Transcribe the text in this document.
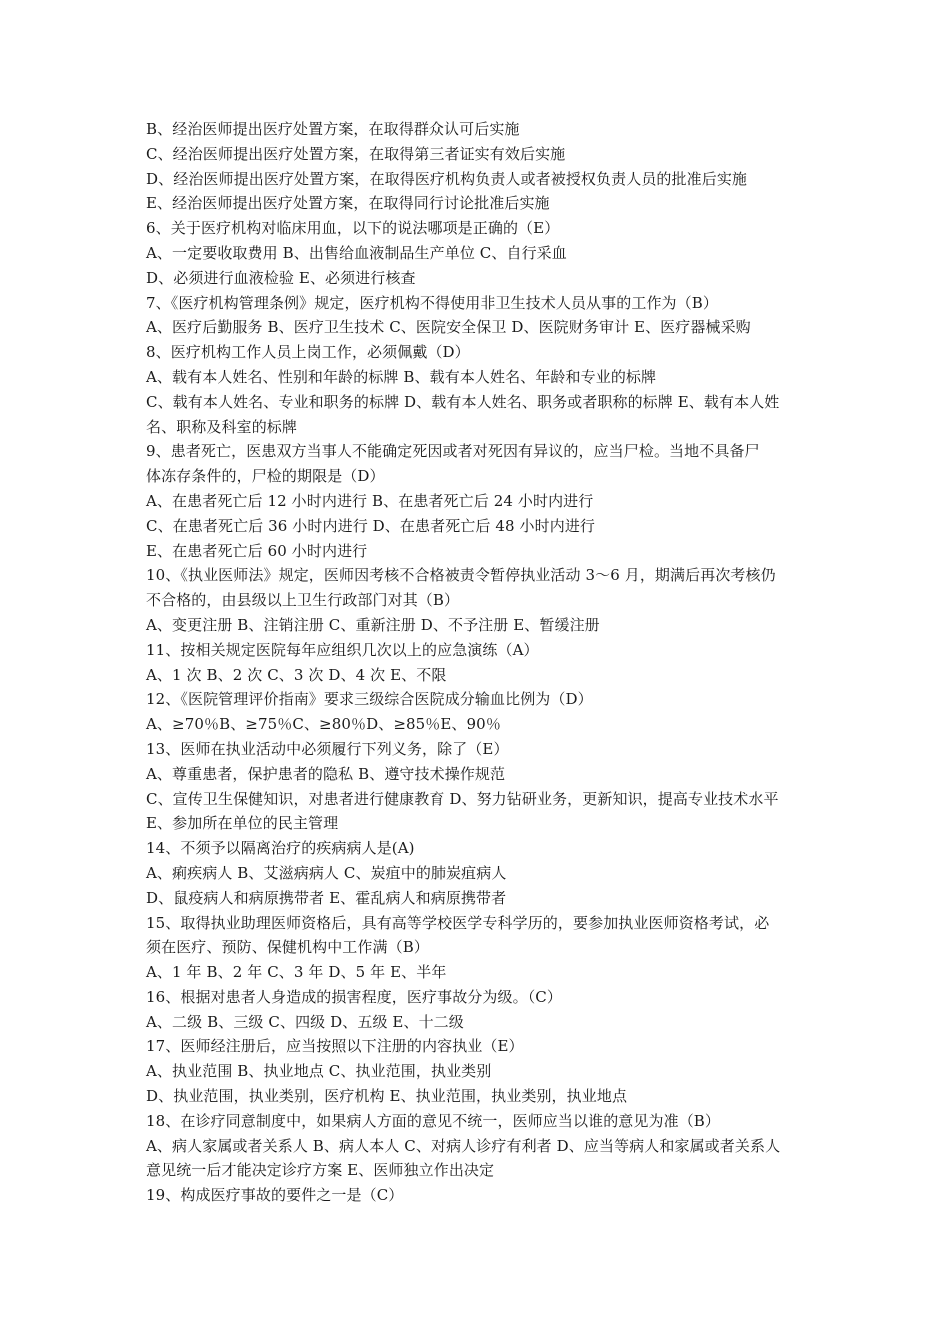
B、经治医师提出医疗处置方案，在取得群众认可后实施
C、经治医师提出医疗处置方案，在取得第三者证实有效后实施
D、经治医师提出医疗处置方案，在取得医疗机构负责人或者被授权负责人员的批准后实施
E、经治医师提出医疗处置方案，在取得同行讨论批准后实施
6、关于医疗机构对临床用血，以下的说法哪项是正确的（E）
A、一定要收取费用 B、出售给血液制品生产单位 C、自行采血
D、必须进行血液检验 E、必须进行核查
7、《医疗机构管理条例》规定，医疗机构不得使用非卫生技术人员从事的工作为（B）
A、医疗后勤服务 B、医疗卫生技术 C、医院安全保卫 D、医院财务审计 E、医疗器械采购
8、医疗机构工作人员上岗工作，必须佩戴（D）
A、载有本人姓名、性别和年龄的标牌 B、载有本人姓名、年龄和专业的标牌
C、载有本人姓名、专业和职务的标牌 D、载有本人姓名、职务或者职称的标牌 E、载有本人姓
名、职称及科室的标牌
9、患者死亡，医患双方当事人不能确定死因或者对死因有异议的，应当尸检。当地不具备尸
体冻存条件的，尸检的期限是（D）
A、在患者死亡后 12 小时内进行 B、在患者死亡后 24 小时内进行
C、在患者死亡后 36 小时内进行 D、在患者死亡后 48 小时内进行
E、在患者死亡后 60 小时内进行
10、《执业医师法》规定，医师因考核不合格被责令暂停执业活动 3～6 月，期满后再次考核仍
不合格的，由县级以上卫生行政部门对其（B）
A、变更注册 B、注销注册 C、重新注册 D、不予注册 E、暂缓注册
11、按相关规定医院每年应组织几次以上的应急演练（A）
A、1 次 B、2 次 C、3 次 D、4 次 E、不限
12、《医院管理评价指南》要求三级综合医院成分输血比例为（D）
A、≥70％B、≥75％C、≥80％D、≥85％E、90％
13、医师在执业活动中必须履行下列义务，除了（E）
A、尊重患者，保护患者的隐私 B、遵守技术操作规范
C、宣传卫生保健知识，对患者进行健康教育 D、努力钻研业务，更新知识，提高专业技术水平
E、参加所在单位的民主管理
14、不须予以隔离治疗的疾病病人是(A)
A、痢疾病人 B、艾滋病病人 C、炭疽中的肺炭疽病人
D、鼠疫病人和病原携带者 E、霍乱病人和病原携带者
15、取得执业助理医师资格后，具有高等学校医学专科学历的，要参加执业医师资格考试，必
须在医疗、预防、保健机构中工作满（B）
A、1 年 B、2 年 C、3 年 D、5 年 E、半年
16、根据对患者人身造成的损害程度，医疗事故分为级。（C）
A、二级 B、三级 C、四级 D、五级 E、十二级
17、医师经注册后，应当按照以下注册的内容执业（E）
A、执业范围 B、执业地点 C、执业范围，执业类别
D、执业范围，执业类别，医疗机构 E、执业范围，执业类别，执业地点
18、在诊疗同意制度中，如果病人方面的意见不统一，医师应当以谁的意见为准（B）
A、病人家属或者关系人 B、病人本人 C、对病人诊疗有利者 D、应当等病人和家属或者关系人
意见统一后才能决定诊疗方案 E、医师独立作出决定
19、构成医疗事故的要件之一是（C）
